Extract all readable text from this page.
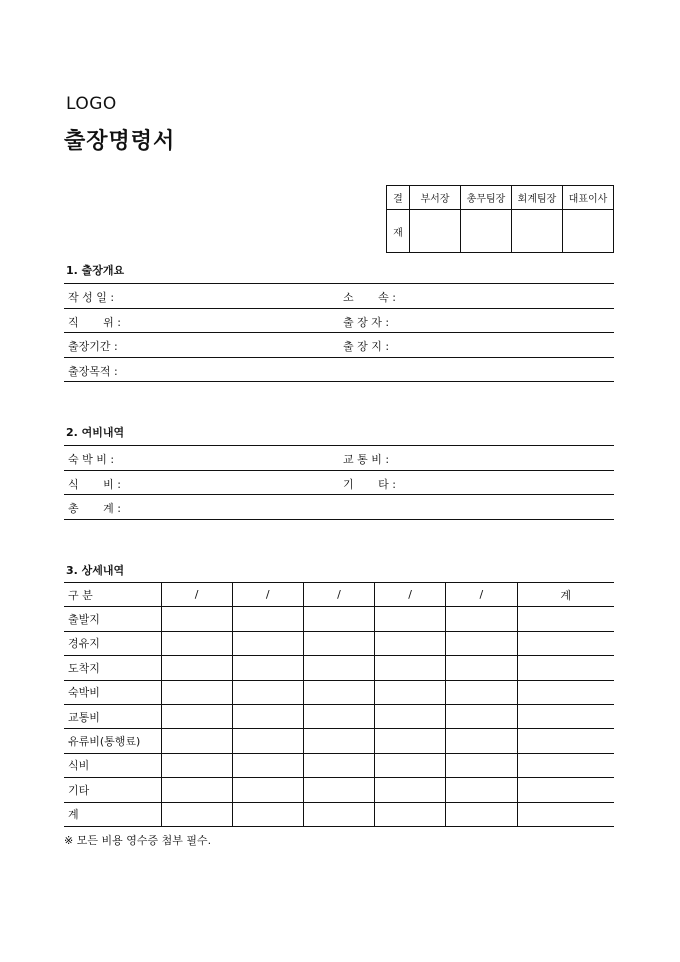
LOGO
출장명령서
결	부서장	총무팀장	회계팀장	대표이사
재				
1. 출장개요
작 성 일 :	소       속 :
직       위 :	출 장 자 :
출장기간 :	출 장 지 :
출장목적 :
2. 여비내역
숙 박 비 :	교 통 비 :
식       비 :	기       타 :
총       계 :
3. 상세내역
구 분	/	/	/	/	/	계
출발지						
경유지						
도착지						
숙박비						
교통비						
유류비(통행료)						
식비						
기타						
계						
※ 모든 비용 영수증 첨부 필수.
